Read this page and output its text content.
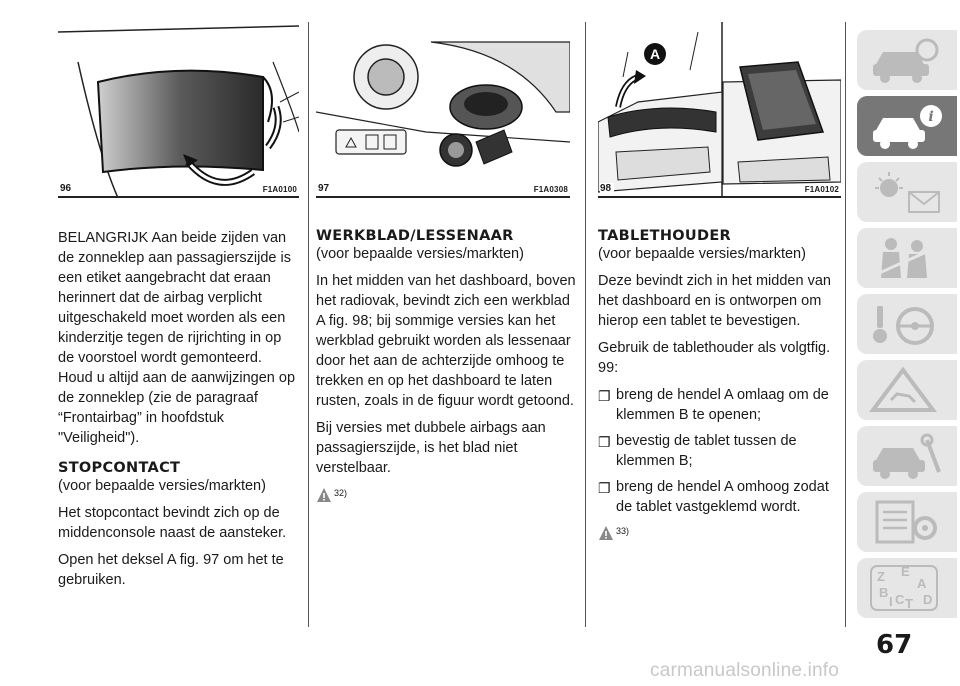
96	F1A0100 97	F1A0308
A
98	F1A0102

BELANGRIJK Aan beide zijden van de zonneklep aan passagierszijde is een etiket aangebracht dat eraan herinnert dat de airbag verplicht uitgeschakeld moet worden als een kinderzitje tegen de rijrichting in op de voorstoel wordt gemonteerd. Houd u altijd aan de aanwijzingen op de zonneklep (zie de paragraaf “Frontairbag” in hoofdstuk "Veiligheid").

STOPCONTACT

(voor bepaalde versies/markten)

Het stopcontact bevindt zich op de middenconsole naast de aansteker.

Open het deksel A fig. 97 om het te gebruiken.

WERKBLAD/LESSENAAR

(voor bepaalde versies/markten)

In het midden van het dashboard, boven het radiovak, bevindt zich een werkblad A fig. 98; bij sommige versies kan het werkblad gebruikt worden als lessenaar door het aan de achterzijde omhoog te trekken en op het dashboard te laten rusten, zoals in de figuur wordt getoond.

Bij versies met dubbele airbags aan passagierszijde, is het blad niet verstelbaar.

32)
TABLETHOUDER

(voor bepaalde versies/markten)

Deze bevindt zich in het midden van het dashboard en is ontworpen om hierop een tablet te bevestigen.

Gebruik de tablethouder als volgtfig. 99:

❐ breng de hendel A omlaag om de klemmen B te openen;
❐ bevestig de tablet tussen de klemmen B;
❐ breng de hendel A omhoog zodat de tablet vastgeklemd wordt.
33)
i
Z E A B C T D I
67
carmanualsonline.info
